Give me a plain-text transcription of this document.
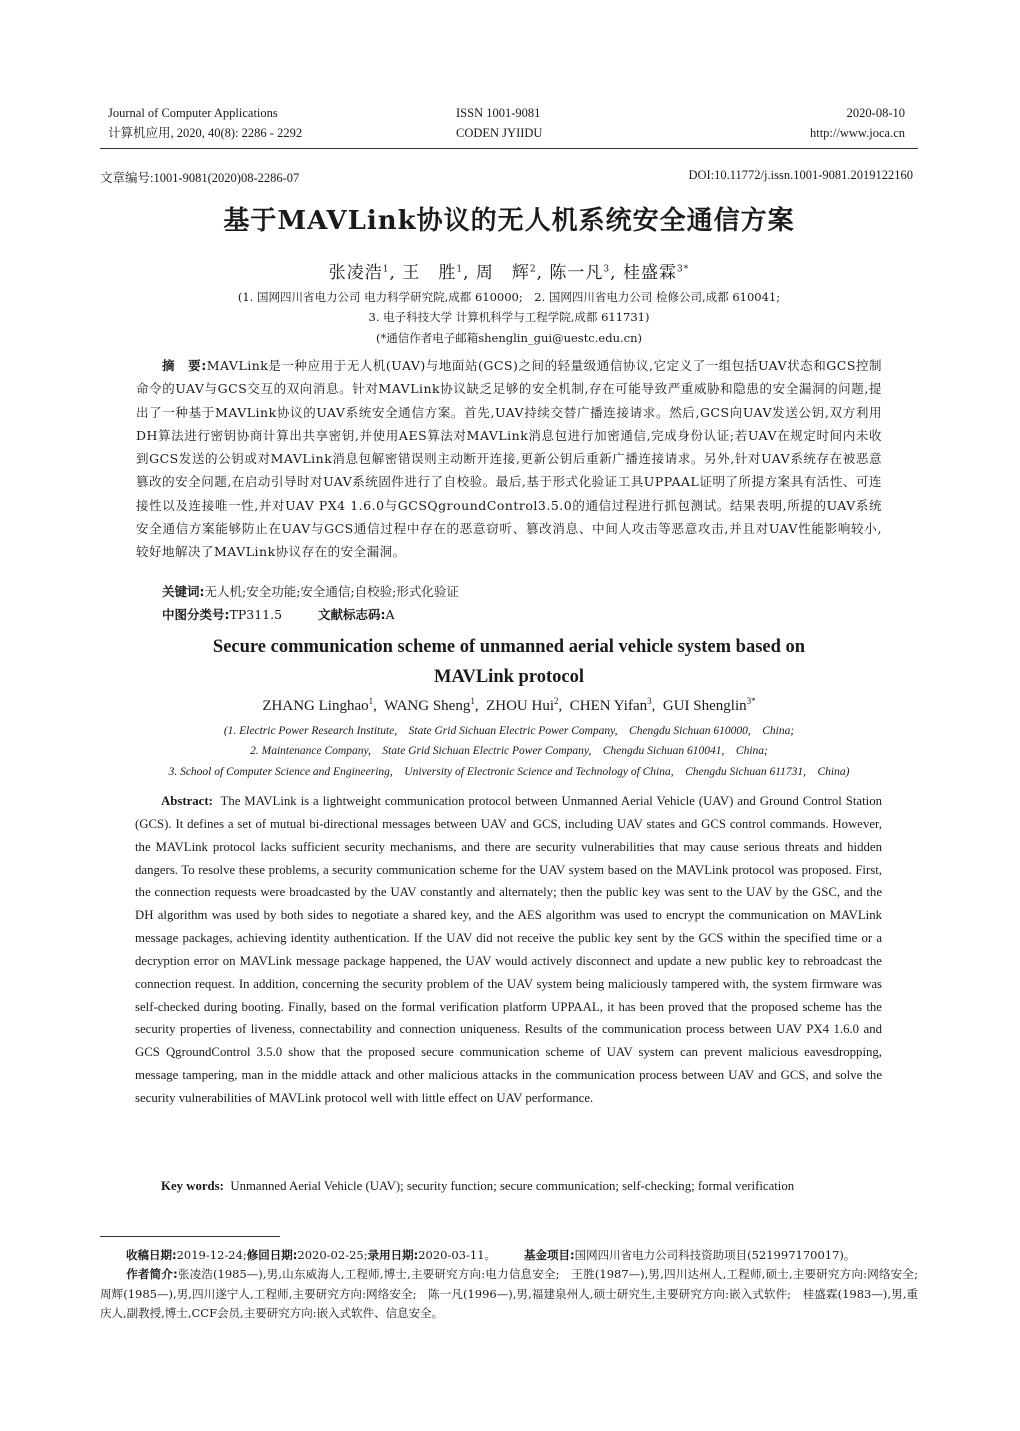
Journal of Computer Applications
计算机应用, 2020, 40(8): 2286 - 2292
ISSN 1001-9081
CODEN JYIIDU
2020-08-10
http://www.joca.cn
文章编号:1001-9081(2020)08-2286-07	DOI:10.11772/j.issn.1001-9081.2019122160
基于MAVLink协议的无人机系统安全通信方案
张凌浩$^1$, 王　胜$^1$, 周　辉$^2$, 陈一凡$^3$, 桂盛霖$^{3*}$
(1. 国网四川省电力公司 电力科学研究院,成都 610000;　2. 国网四川省电力公司 检修公司,成都 610041;
3. 电子科技大学 计算机科学与工程学院,成都 611731)
(*通信作者电子邮箱shenglin_gui@uestc.edu.cn)
摘　要:MAVLink是一种应用于无人机(UAV)与地面站(GCS)之间的轻量级通信协议,它定义了一组包括UAV状态和GCS控制命令的UAV与GCS交互的双向消息。针对MAVLink协议缺乏足够的安全机制,存在可能导致严重威胁和隐患的安全漏洞的问题,提出了一种基于MAVLink协议的UAV系统安全通信方案。首先,UAV持续交替广播连接请求。然后,GCS向UAV发送公钥,双方利用DH算法进行密钥协商计算出共享密钥,并使用AES算法对MAVLink消息包进行加密通信,完成身份认证;若UAV在规定时间内未收到GCS发送的公钥或对MAVLink消息包解密错误则主动断开连接,更新公钥后重新广播连接请求。另外,针对UAV系统存在被恶意篡改的安全问题,在启动引导时对UAV系统固件进行了自校验。最后,基于形式化验证工具UPPAAL证明了所提方案具有活性、可连接性以及连接唯一性,并对UAV PX4 1.6.0与GCSQgroundControl3.5.0的通信过程进行抓包测试。结果表明,所提的UAV系统安全通信方案能够防止在UAV与GCS通信过程中存在的恶意窃听、篡改消息、中间人攻击等恶意攻击,并且对UAV性能影响较小,较好地解决了MAVLink协议存在的安全漏洞。
关键词:无人机;安全功能;安全通信;自校验;形式化验证
中图分类号:TP311.5	文献标志码:A
Secure communication scheme of unmanned aerial vehicle system based on
MAVLink protocol
ZHANG Linghao$^1$,  WANG Sheng$^1$,  ZHOU Hui$^2$,  CHEN Yifan$^3$,  GUI Shenglin$^{3*}$
(1. Electric Power Research Institute,　State Grid Sichuan Electric Power Company,　Chengdu Sichuan 610000,　China;
2. Maintenance Company,　State Grid Sichuan Electric Power Company,　Chengdu Sichuan 610041,　China;
3. School of Computer Science and Engineering,　University of Electronic Science and Technology of China,　Chengdu Sichuan 611731,　China)
Abstract: The MAVLink is a lightweight communication protocol between Unmanned Aerial Vehicle (UAV) and Ground Control Station (GCS). It defines a set of mutual bi-directional messages between UAV and GCS, including UAV states and GCS control commands. However, the MAVLink protocol lacks sufficient security mechanisms, and there are security vulnerabilities that may cause serious threats and hidden dangers. To resolve these problems, a security communication scheme for the UAV system based on the MAVLink protocol was proposed. First, the connection requests were broadcasted by the UAV constantly and alternately; then the public key was sent to the UAV by the GSC, and the DH algorithm was used by both sides to negotiate a shared key, and the AES algorithm was used to encrypt the communication on MAVLink message packages, achieving identity authentication. If the UAV did not receive the public key sent by the GCS within the specified time or a decryption error on MAVLink message package happened, the UAV would actively disconnect and update a new public key to rebroadcast the connection request. In addition, concerning the security problem of the UAV system being maliciously tampered with, the system firmware was self-checked during booting. Finally, based on the formal verification platform UPPAAL, it has been proved that the proposed scheme has the security properties of liveness, connectability and connection uniqueness. Results of the communication process between UAV PX4 1.6.0 and GCS QgroundControl 3.5.0 show that the proposed secure communication scheme of UAV system can prevent malicious eavesdropping, message tampering, man in the middle attack and other malicious attacks in the communication process between UAV and GCS, and solve the security vulnerabilities of MAVLink protocol well with little effect on UAV performance.
Key words: Unmanned Aerial Vehicle (UAV); security function; secure communication; self-checking; formal verification
收稿日期:2019-12-24;修回日期:2020-02-25;录用日期:2020-03-11。 基金项目:国网四川省电力公司科技资助项目(521997170017)。
作者简介:张凌浩(1985—),男,山东威海人,工程师,博士,主要研究方向:电力信息安全;　王胜(1987—),男,四川达州人,工程师,硕士,主要研究方向:网络安全;　周辉(1985—),男,四川遂宁人,工程师,主要研究方向:网络安全;　陈一凡(1996—),男,福建泉州人,硕士研究生,主要研究方向:嵌入式软件;　桂盛霖(1983—),男,重庆人,副教授,博士,CCF会员,主要研究方向:嵌入式软件、信息安全。
